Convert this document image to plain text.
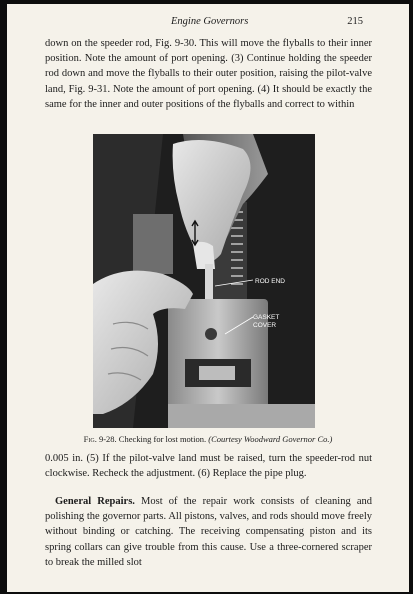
Engine Governors	215

down on the speeder rod, Fig. 9-30. This will move the flyballs to their inner position. Note the amount of port opening. (3) Continue holding the speeder rod down and move the flyballs to their outer position, raising the pilot-valve land, Fig. 9-31. Note the amount of port opening. (4) It should be exactly the same for the inner and outer positions of the flyballs and correct to within

ROD END
GASKET
COVER
Fig. 9-28. Checking for lost motion. (Courtesy Woodward Governor Co.)

0.005 in. (5) If the pilot-valve land must be raised, turn the speeder-rod nut clockwise. Recheck the adjustment. (6) Replace the pipe plug.

General Repairs. Most of the repair work consists of cleaning and polishing the governor parts. All pistons, valves, and rods should move freely without binding or catching. The receiving compensating piston and its spring collars can give trouble from this cause. Use a three-cornered scraper to break the milled slot
